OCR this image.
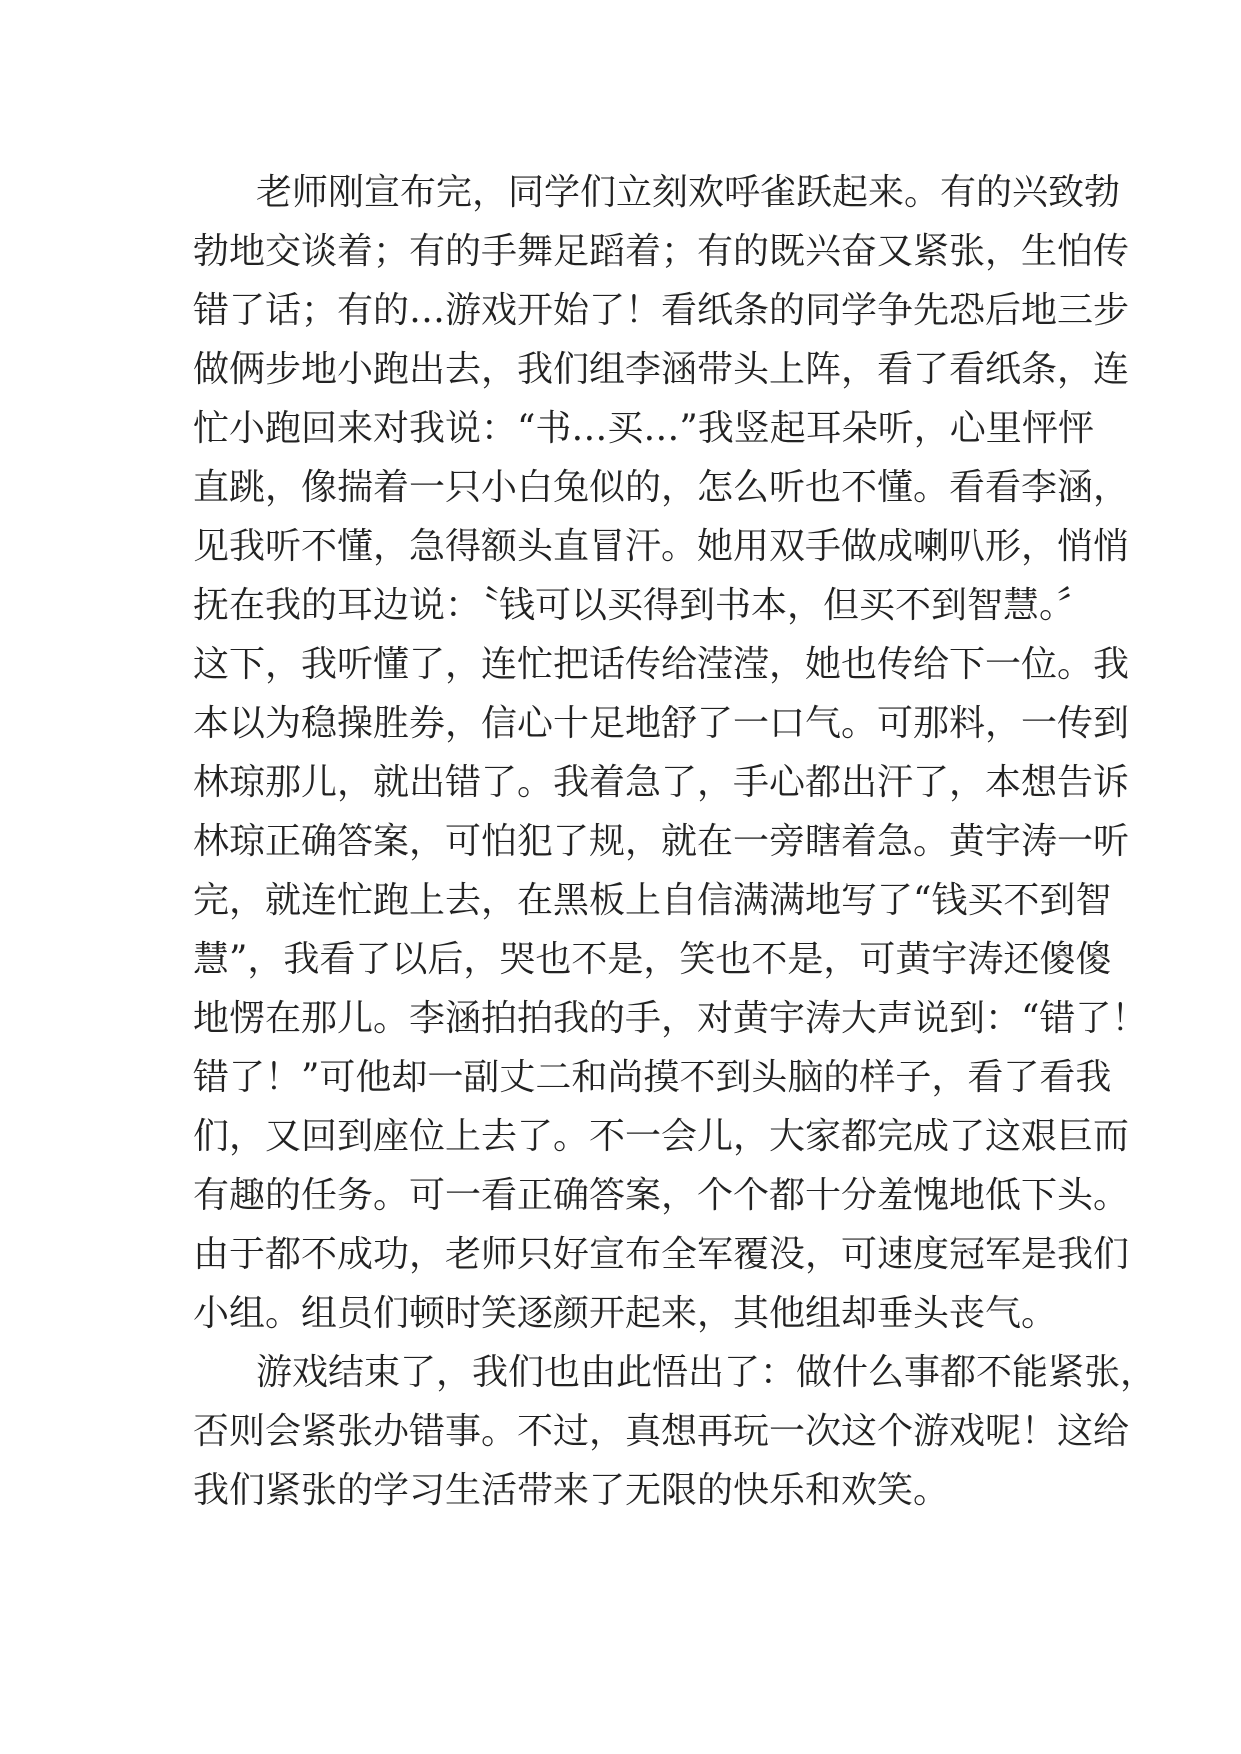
老师刚宣布完，同学们立刻欢呼雀跃起来。有的兴致勃
勃地交谈着；有的手舞足蹈着；有的既兴奋又紧张，生怕传
错了话；有的…游戏开始了！看纸条的同学争先恐后地三步
做俩步地小跑出去，我们组李涵带头上阵，看了看纸条，连
忙小跑回来对我说：“书…买…”我竖起耳朵听，心里怦怦
直跳，像揣着一只小白兔似的，怎么听也不懂。看看李涵，
见我听不懂，急得额头直冒汗。她用双手做成喇叭形，悄悄
抚在我的耳边说：〝钱可以买得到书本，但买不到智慧。〞
这下，我听懂了，连忙把话传给滢滢，她也传给下一位。我
本以为稳操胜券，信心十足地舒了一口气。可那料，一传到
林琼那儿，就出错了。我着急了，手心都出汗了，本想告诉
林琼正确答案，可怕犯了规，就在一旁瞎着急。黄宇涛一听
完，就连忙跑上去，在黑板上自信满满地写了“钱买不到智
慧”，我看了以后，哭也不是，笑也不是，可黄宇涛还傻傻
地愣在那儿。李涵拍拍我的手，对黄宇涛大声说到：“错了！
错了！”可他却一副丈二和尚摸不到头脑的样子，看了看我
们，又回到座位上去了。不一会儿，大家都完成了这艰巨而
有趣的任务。可一看正确答案，个个都十分羞愧地低下头。
由于都不成功，老师只好宣布全军覆没，可速度冠军是我们
小组。组员们顿时笑逐颜开起来，其他组却垂头丧气。
游戏结束了，我们也由此悟出了：做什么事都不能紧张，
否则会紧张办错事。不过，真想再玩一次这个游戏呢！这给
我们紧张的学习生活带来了无限的快乐和欢笑。
